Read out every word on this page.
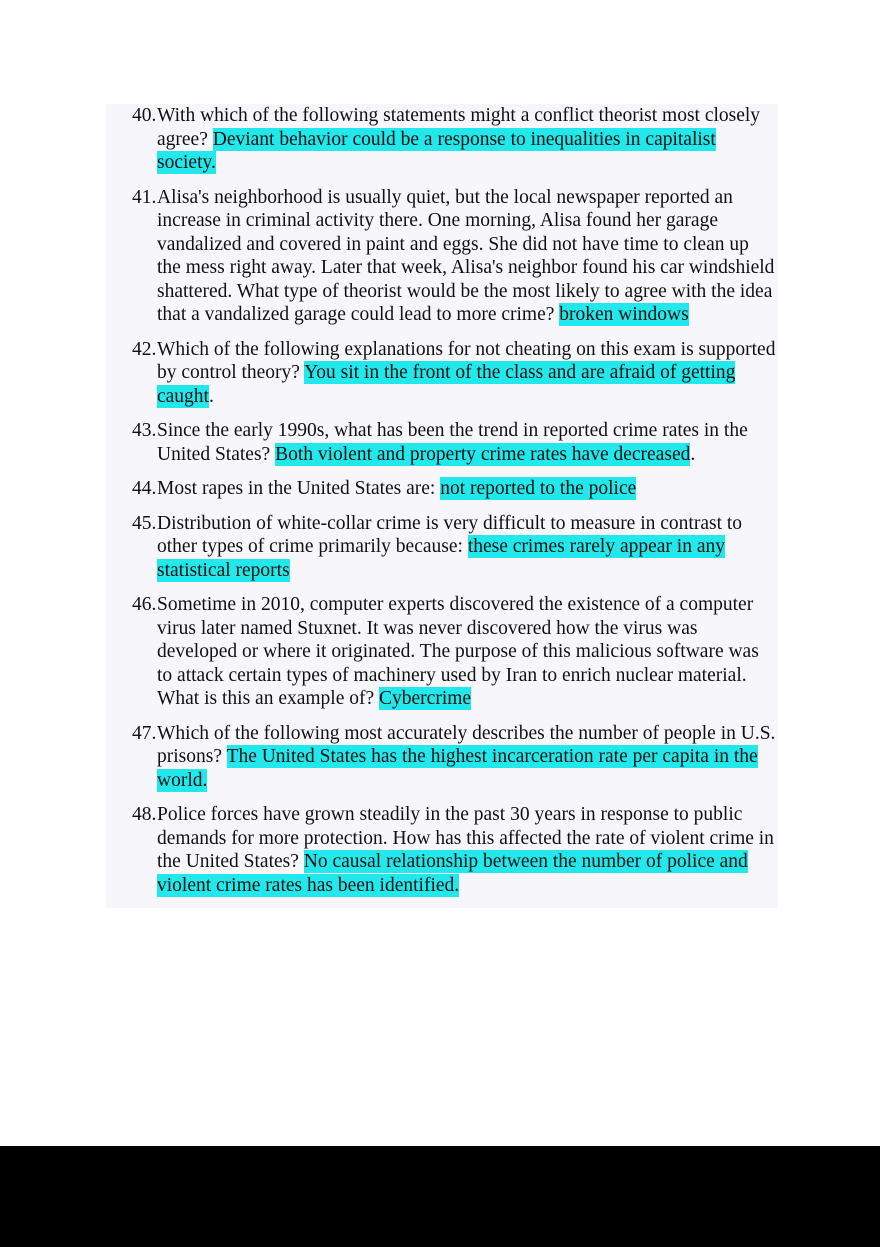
40. With which of the following statements might a conflict theorist most closely agree? Deviant behavior could be a response to inequalities in capitalist society.
41. Alisa's neighborhood is usually quiet, but the local newspaper reported an increase in criminal activity there. One morning, Alisa found her garage vandalized and covered in paint and eggs. She did not have time to clean up the mess right away. Later that week, Alisa's neighbor found his car windshield shattered. What type of theorist would be the most likely to agree with the idea that a vandalized garage could lead to more crime? broken windows
42. Which of the following explanations for not cheating on this exam is supported by control theory? You sit in the front of the class and are afraid of getting caught.
43. Since the early 1990s, what has been the trend in reported crime rates in the United States? Both violent and property crime rates have decreased.
44. Most rapes in the United States are: not reported to the police
45. Distribution of white-collar crime is very difficult to measure in contrast to other types of crime primarily because: these crimes rarely appear in any statistical reports
46. Sometime in 2010, computer experts discovered the existence of a computer virus later named Stuxnet. It was never discovered how the virus was developed or where it originated. The purpose of this malicious software was to attack certain types of machinery used by Iran to enrich nuclear material. What is this an example of? Cybercrime
47. Which of the following most accurately describes the number of people in U.S. prisons? The United States has the highest incarceration rate per capita in the world.
48. Police forces have grown steadily in the past 30 years in response to public demands for more protection. How has this affected the rate of violent crime in the United States? No causal relationship between the number of police and violent crime rates has been identified.
